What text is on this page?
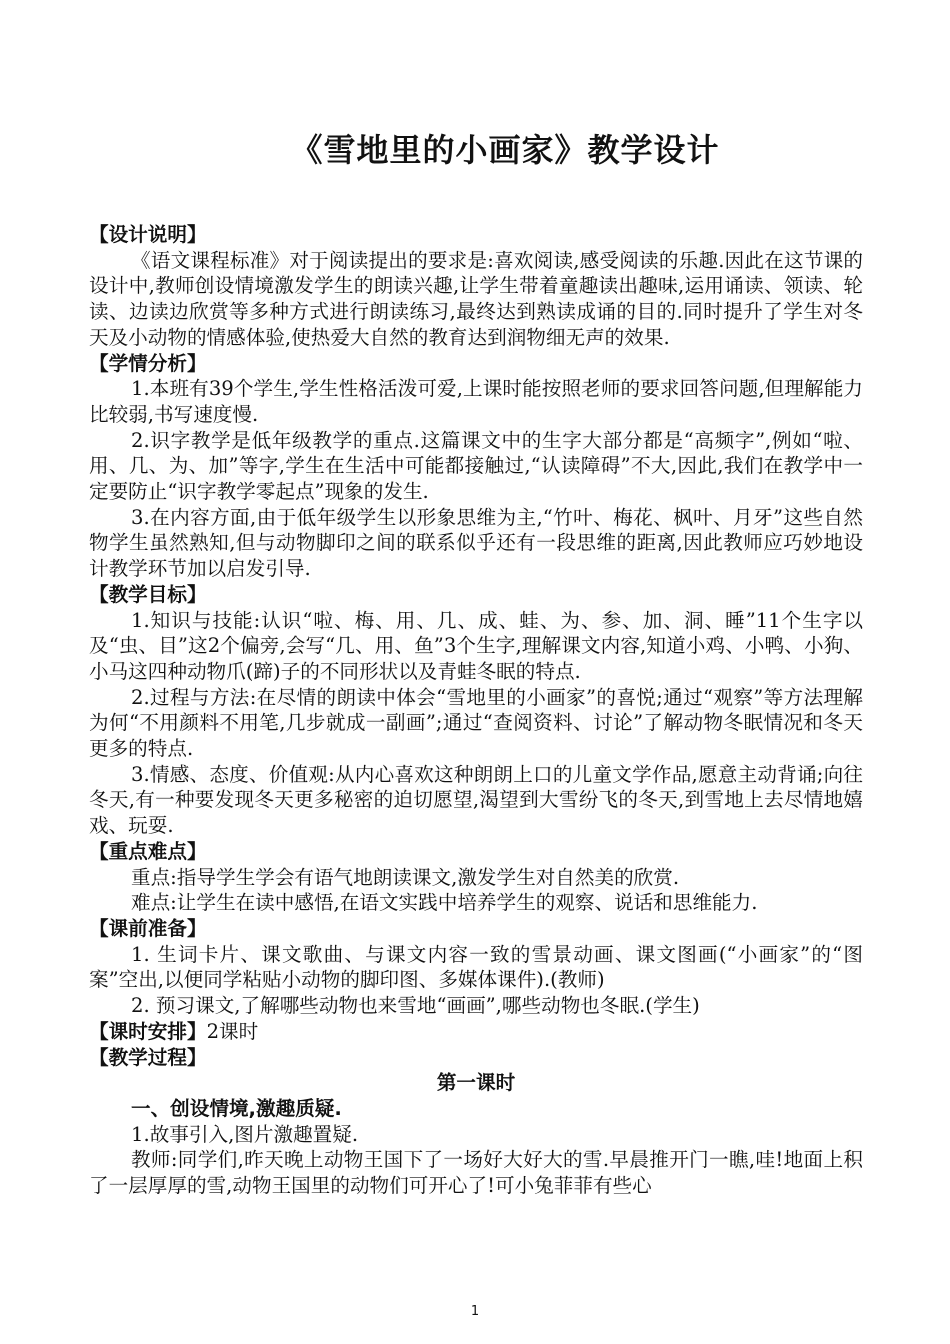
《雪地里的小画家》教学设计

【设计说明】

《语文课程标准》对于阅读提出的要求是:喜欢阅读,感受阅读的乐趣.因此在这节课的设计中,教师创设情境激发学生的朗读兴趣,让学生带着童趣读出趣味,运用诵读、领读、轮读、边读边欣赏等多种方式进行朗读练习,最终达到熟读成诵的目的.同时提升了学生对冬天及小动物的情感体验,使热爱大自然的教育达到润物细无声的效果.

【学情分析】

1.本班有39个学生,学生性格活泼可爱,上课时能按照老师的要求回答问题,但理解能力比较弱,书写速度慢.

2.识字教学是低年级教学的重点.这篇课文中的生字大部分都是“高频字”,例如“啦、用、几、为、加”等字,学生在生活中可能都接触过,“认读障碍”不大,因此,我们在教学中一定要防止“识字教学零起点”现象的发生.

3.在内容方面,由于低年级学生以形象思维为主,“竹叶、梅花、枫叶、月牙”这些自然物学生虽然熟知,但与动物脚印之间的联系似乎还有一段思维的距离,因此教师应巧妙地设计教学环节加以启发引导.

【教学目标】

1.知识与技能:认识“啦、梅、用、几、成、蛙、为、参、加、洞、睡”11个生字以及“虫、目”这2个偏旁,会写“几、用、鱼”3个生字,理解课文内容,知道小鸡、小鸭、小狗、小马这四种动物爪(蹄)子的不同形状以及青蛙冬眠的特点.

2.过程与方法:在尽情的朗读中体会“雪地里的小画家”的喜悦;通过“观察”等方法理解为何“不用颜料不用笔,几步就成一副画”;通过“查阅资料、讨论”了解动物冬眠情况和冬天更多的特点.

3.情感、态度、价值观:从内心喜欢这种朗朗上口的儿童文学作品,愿意主动背诵;向往冬天,有一种要发现冬天更多秘密的迫切愿望,渴望到大雪纷飞的冬天,到雪地上去尽情地嬉戏、玩耍.

【重点难点】

重点:指导学生学会有语气地朗读课文,激发学生对自然美的欣赏.

难点:让学生在读中感悟,在语文实践中培养学生的观察、说话和思维能力.

【课前准备】

1. 生词卡片、课文歌曲、与课文内容一致的雪景动画、课文图画(“小画家”的“图案”空出,以便同学粘贴小动物的脚印图、多媒体课件).(教师)

2. 预习课文,了解哪些动物也来雪地“画画”,哪些动物也冬眠.(学生)

【课时安排】2课时

【教学过程】

第一课时

一、创设情境,激趣质疑.

1.故事引入,图片激趣置疑.

教师:同学们,昨天晚上动物王国下了一场好大好大的雪.早晨推开门一瞧,哇!地面上积了一层厚厚的雪,动物王国里的动物们可开心了!可小兔菲菲有些心

1
